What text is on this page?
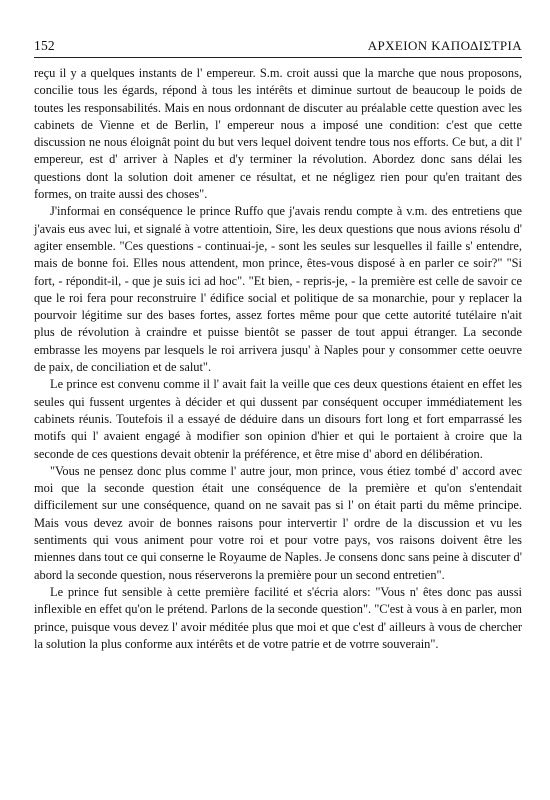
152	ΑΡΧΕΙΟΝ ΚΑΠΟΔΙΣΤΡΙΑ

reçu il y a quelques instants de l' empereur. S.m. croit aussi que la marche que nous proposons, concilie tous les égards, répond à tous les intérêts et diminue surtout de beaucoup le poids de toutes les responsabilités. Mais en nous ordonnant de discuter au préalable cette question avec les cabinets de Vienne et de Berlin, l' empereur nous a imposé une condition: c'est que cette discussion ne nous éloignât point du but vers lequel doivent tendre tous nos efforts. Ce but, a dit l' empereur, est d' arriver à Naples et d'y terminer la révolution. Abordez donc sans délai les questions dont la solution doit amener ce résultat, et ne négligez rien pour qu'en traitant des formes, on traite aussi des choses".

J'informai en conséquence le prince Ruffo que j'avais rendu compte à v.m. des entretiens que j'avais eus avec lui, et signalé à votre attentioin, Sire, les deux questions que nous avions résolu d' agiter ensemble. "Ces questions - continuai-je, - sont les seules sur lesquelles il faille s' entendre, mais de bonne foi. Elles nous attendent, mon prince, êtes-vous disposé à en parler ce soir?" "Si fort, - répondit-il, - que je suis ici ad hoc". "Et bien, - repris-je, - la première est celle de savoir ce que le roi fera pour reconstruire l' édifice social et politique de sa monarchie, pour y replacer la pourvoir légitime sur des bases fortes, assez fortes même pour que cette autorité tutélaire n'ait plus de révolution à craindre et puisse bientôt se passer de tout appui étranger. La seconde embrasse les moyens par lesquels le roi arrivera jusqu' à Naples pour y consommer cette oeuvre de paix, de conciliation et de salut".

Le prince est convenu comme il l' avait fait la veille que ces deux questions étaient en effet les seules qui fussent urgentes à décider et qui dussent par conséquent occuper immédiatement les cabinets réunis. Toutefois il a essayé de déduire dans un disours fort long et fort emparrassé les motifs qui l' avaient engagé à modifier son opinion d'hier et qui le portaient à croire que la seconde de ces questions devait obtenir la préférence, et être mise d' abord en délibération.

"Vous ne pensez donc plus comme l' autre jour, mon prince, vous étiez tombé d' accord avec moi que la seconde question était une conséquence de la première et qu'on s'entendait difficilement sur une conséquence, quand on ne savait pas si l' on était parti du même principe. Mais vous devez avoir de bonnes raisons pour intervertir l' ordre de la discussion et vu les sentiments qui vous animent pour votre roi et pour votre pays, vos raisons doivent être les miennes dans tout ce qui conserne le Royaume de Naples. Je consens donc sans peine à discuter d' abord la seconde question, nous réserverons la première pour un second entretien".

Le prince fut sensible à cette première facilité et s'écria alors: "Vous n' êtes donc pas aussi inflexible en effet qu'on le prétend. Parlons de la seconde question". "C'est à vous à en parler, mon prince, puisque vous devez l' avoir méditée plus que moi et que c'est d' ailleurs à vous de chercher la solution la plus conforme aux intérêts et de votre patrie et de votrre souverain".
